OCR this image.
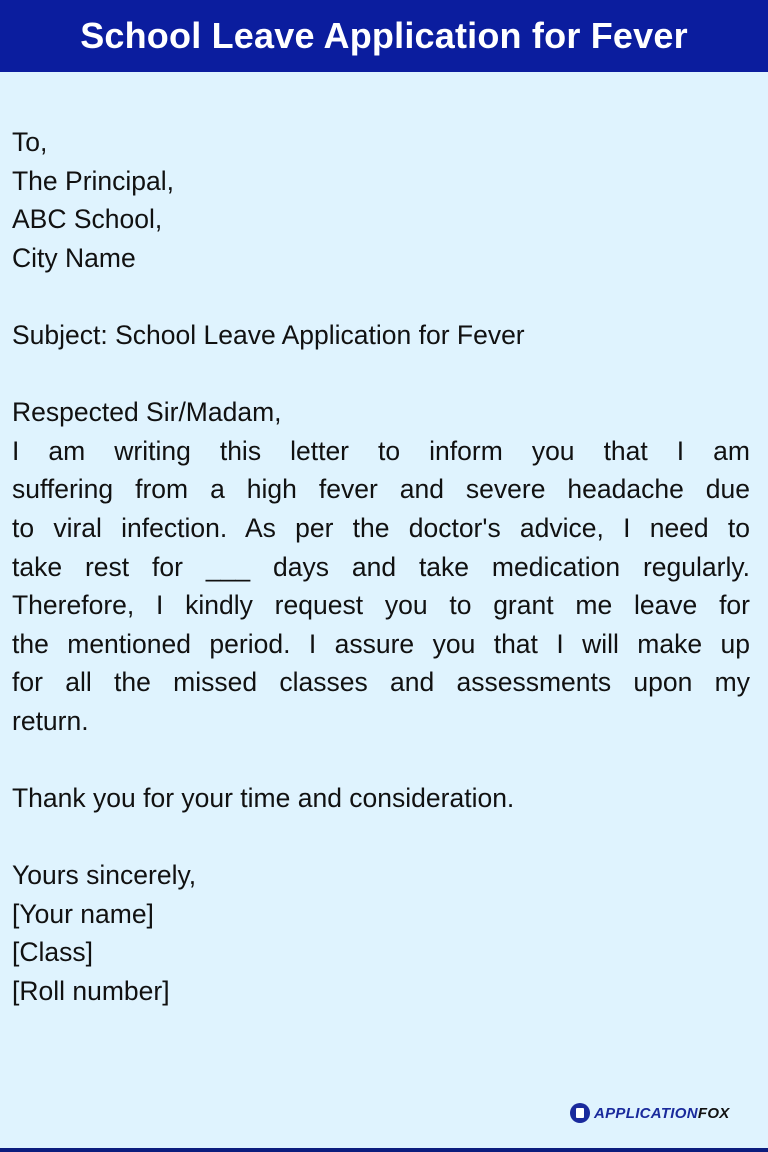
School Leave Application for Fever
To,
The Principal,
ABC School,
City Name
Subject: School Leave Application for Fever
Respected Sir/Madam,
I am writing this letter to inform you that I am
suffering from a high fever and severe headache due
to viral infection. As per the doctor's advice, I need to
take rest for ___ days and take medication regularly.
Therefore, I kindly request you to grant me leave for
the mentioned period. I assure you that I will make up
for all the missed classes and assessments upon my
return.
Thank you for your time and consideration.
Yours sincerely,
[Your name]
[Class]
[Roll number]
APPLICATIONFOX
